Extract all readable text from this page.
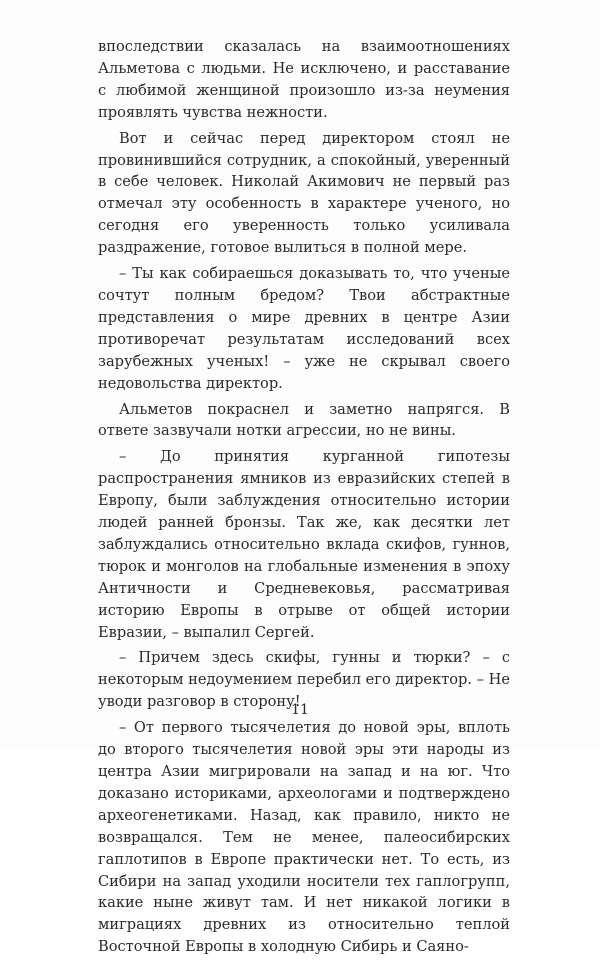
впоследствии сказалась на взаимоотношениях Альметова с людьми. Не исключено, и расставание с любимой женщиной произошло из-за неумения проявлять чувства нежности.

Вот и сейчас перед директором стоял не провинившийся сотрудник, а спокойный, уверенный в себе человек. Николай Акимович не первый раз отмечал эту особенность в характере ученого, но сегодня его уверенность только усиливала раздражение, готовое вылиться в полной мере.

– Ты как собираешься доказывать то, что ученые сочтут полным бредом? Твои абстрактные представления о мире древних в центре Азии противоречат результатам исследований всех зарубежных ученых! – уже не скрывал своего недовольства директор.

Альметов покраснел и заметно напрягся. В ответе зазвучали нотки агрессии, но не вины.

– До принятия курганной гипотезы распространения ямников из евразийских степей в Европу, были заблуждения относительно истории людей ранней бронзы. Так же, как десятки лет заблуждались относительно вклада скифов, гуннов, тюрок и монголов на глобальные изменения в эпоху Античности и Средневековья, рассматривая историю Европы в отрыве от общей истории Евразии, – выпалил Сергей.

– Причем здесь скифы, гунны и тюрки? – с некоторым недоумением перебил его директор. – Не уводи разговор в сторону!

– От первого тысячелетия до новой эры, вплоть до второго тысячелетия новой эры эти народы из центра Азии мигрировали на запад и на юг. Что доказано историками, археологами и подтверждено археогенетиками. Назад, как правило, никто не возвращался. Тем не менее, палеосибирских гаплотипов в Европе практически нет. То есть, из Сибири на запад уходили носители тех гаплогрупп, какие ныне живут там. И нет никакой логики в миграциях древних из относительно теплой Восточной Европы в холодную Сибирь и Саяно-

11
